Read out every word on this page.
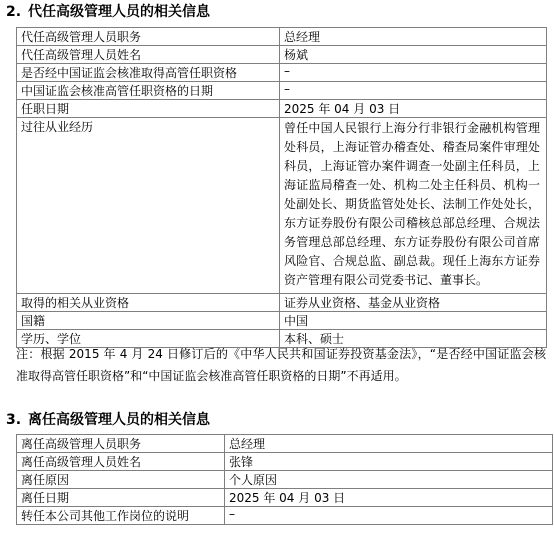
2. 代任高级管理人员的相关信息
代任高级管理人员职务	总经理
代任高级管理人员姓名	杨斌
是否经中国证监会核准取得高管任职资格	–
中国证监会核准高管任职资格的日期	–
任职日期	2025 年 04 月 03 日
过往从业经历	曾任中国人民银行上海分行非银行金融机构管理处科员，上海证管办稽查处、稽查局案件审理处科员，上海证管办案件调查一处副主任科员，上海证监局稽查一处、机构二处主任科员、机构一处副处长、期货监管处处长、法制工作处处长，东方证券股份有限公司稽核总部总经理、合规法务管理总部总经理、东方证券股份有限公司首席风险官、合规总监、副总裁。现任上海东方证券资产管理有限公司党委书记、董事长。
取得的相关从业资格	证券从业资格、基金从业资格
国籍	中国
学历、学位	本科、硕士

注：根据 2015 年 4 月 24 日修订后的《中华人民共和国证券投资基金法》，“是否经中国证监会核准取得高管任职资格”和“中国证监会核准高管任职资格的日期”不再适用。

3. 离任高级管理人员的相关信息
离任高级管理人员职务	总经理
离任高级管理人员姓名	张锋
离任原因	个人原因
离任日期	2025 年 04 月 03 日
转任本公司其他工作岗位的说明	–
